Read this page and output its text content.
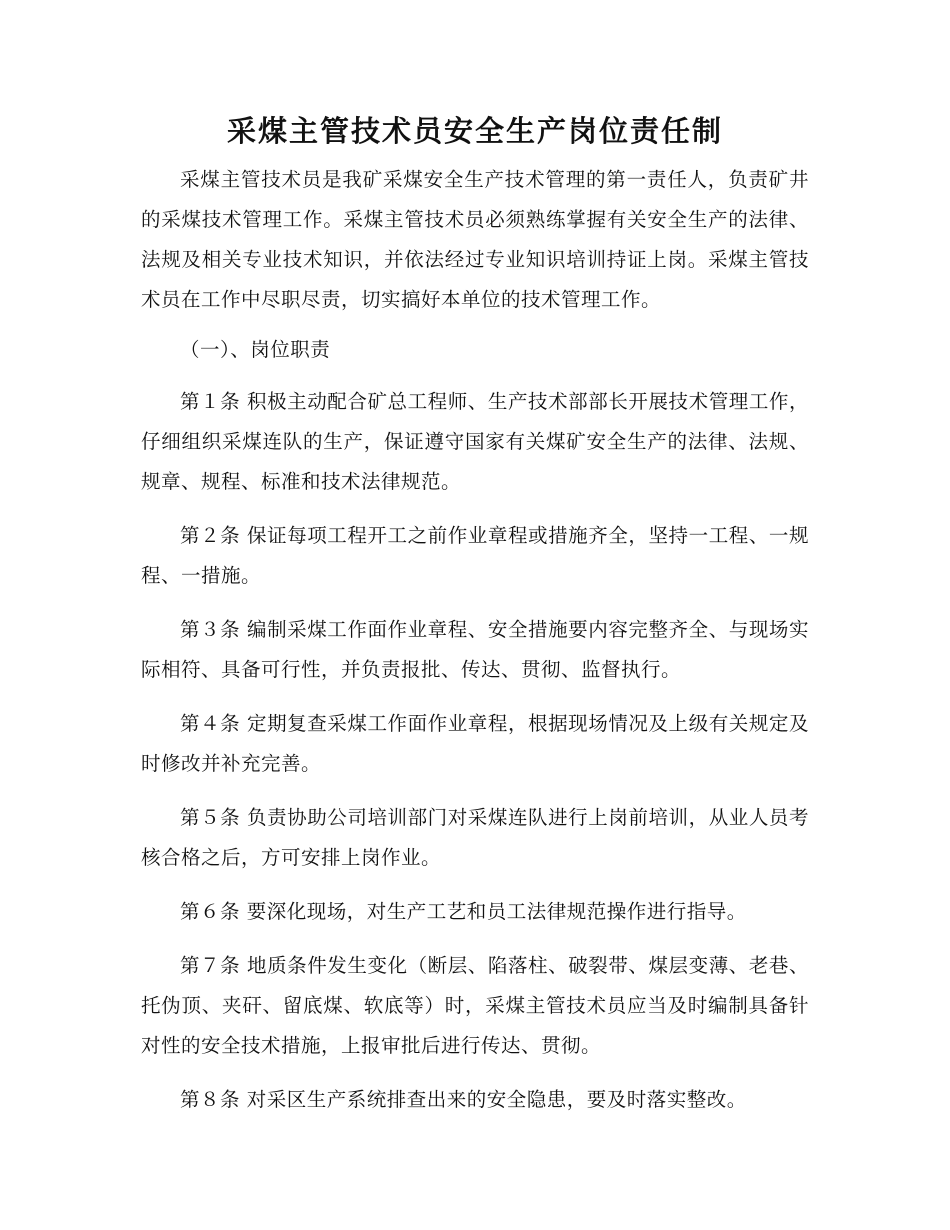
采煤主管技术员安全生产岗位责任制

采煤主管技术员是我矿采煤安全生产技术管理的第一责任人，负责矿井的采煤技术管理工作。采煤主管技术员必须熟练掌握有关安全生产的法律、法规及相关专业技术知识，并依法经过专业知识培训持证上岗。采煤主管技术员在工作中尽职尽责，切实搞好本单位的技术管理工作。

（一）、岗位职责

第１条 积极主动配合矿总工程师、生产技术部部长开展技术管理工作，仔细组织采煤连队的生产，保证遵守国家有关煤矿安全生产的法律、法规、规章、规程、标准和技术法律规范。

第２条 保证每项工程开工之前作业章程或措施齐全，坚持一工程、一规程、一措施。

第３条 编制采煤工作面作业章程、安全措施要内容完整齐全、与现场实际相符、具备可行性，并负责报批、传达、贯彻、监督执行。

第４条 定期复查采煤工作面作业章程，根据现场情况及上级有关规定及时修改并补充完善。

第５条 负责协助公司培训部门对采煤连队进行上岗前培训，从业人员考核合格之后，方可安排上岗作业。

第６条 要深化现场，对生产工艺和员工法律规范操作进行指导。

第７条 地质条件发生变化（断层、陷落柱、破裂带、煤层变薄、老巷、托伪顶、夹矸、留底煤、软底等）时，采煤主管技术员应当及时编制具备针对性的安全技术措施，上报审批后进行传达、贯彻。

第８条 对采区生产系统排查出来的安全隐患，要及时落实整改。
